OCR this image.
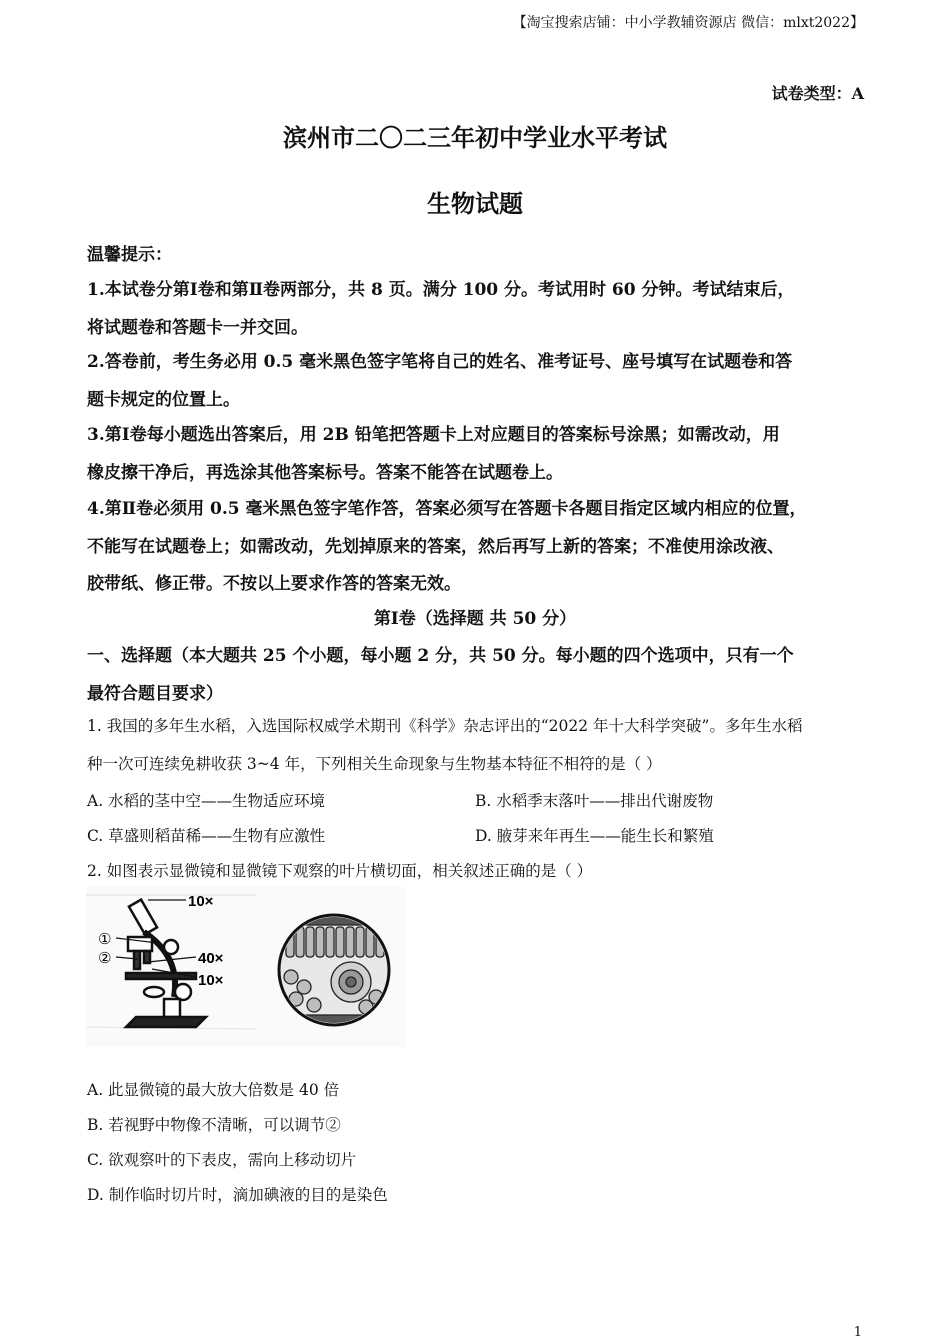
【淘宝搜索店铺：中小学教辅资源店 微信：mlxt2022】
试卷类型：A
滨州市二〇二三年初中学业水平考试
生物试题
温馨提示：
1.本试卷分第Ⅰ卷和第Ⅱ卷两部分，共 8 页。满分 100 分。考试用时 60 分钟。考试结束后，
将试题卷和答题卡一并交回。
2.答卷前，考生务必用 0.5 毫米黑色签字笔将自己的姓名、准考证号、座号填写在试题卷和答
题卡规定的位置上。
3.第Ⅰ卷每小题选出答案后，用 2B 铅笔把答题卡上对应题目的答案标号涂黑；如需改动，用
橡皮擦干净后，再选涂其他答案标号。答案不能答在试题卷上。
4.第Ⅱ卷必须用 0.5 毫米黑色签字笔作答，答案必须写在答题卡各题目指定区域内相应的位置，
不能写在试题卷上；如需改动，先划掉原来的答案，然后再写上新的答案；不准使用涂改液、
胶带纸、修正带。不按以上要求作答的答案无效。
第Ⅰ卷（选择题 共 50 分）
一、选择题（本大题共 25 个小题，每小题 2 分，共 50 分。每小题的四个选项中，只有一个
最符合题目要求）
1. 我国的多年生水稻，入选国际权威学术期刊《科学》杂志评出的“2022 年十大科学突破”。多年生水稻
种一次可连续免耕收获 3~4 年，下列相关生命现象与生物基本特征不相符的是（ ）
A. 水稻的茎中空——生物适应环境	B. 水稻季末落叶——排出代谢废物
C. 草盛则稻苗稀——生物有应激性	D. 腋芽来年再生——能生长和繁殖
2. 如图表示显微镜和显微镜下观察的叶片横切面，相关叙述正确的是（ ）
10×
①
②	40×
10×
A. 此显微镜的最大放大倍数是 40 倍
B. 若视野中物像不清晰，可以调节②
C. 欲观察叶的下表皮，需向上移动切片
D. 制作临时切片时，滴加碘液的目的是染色
1
